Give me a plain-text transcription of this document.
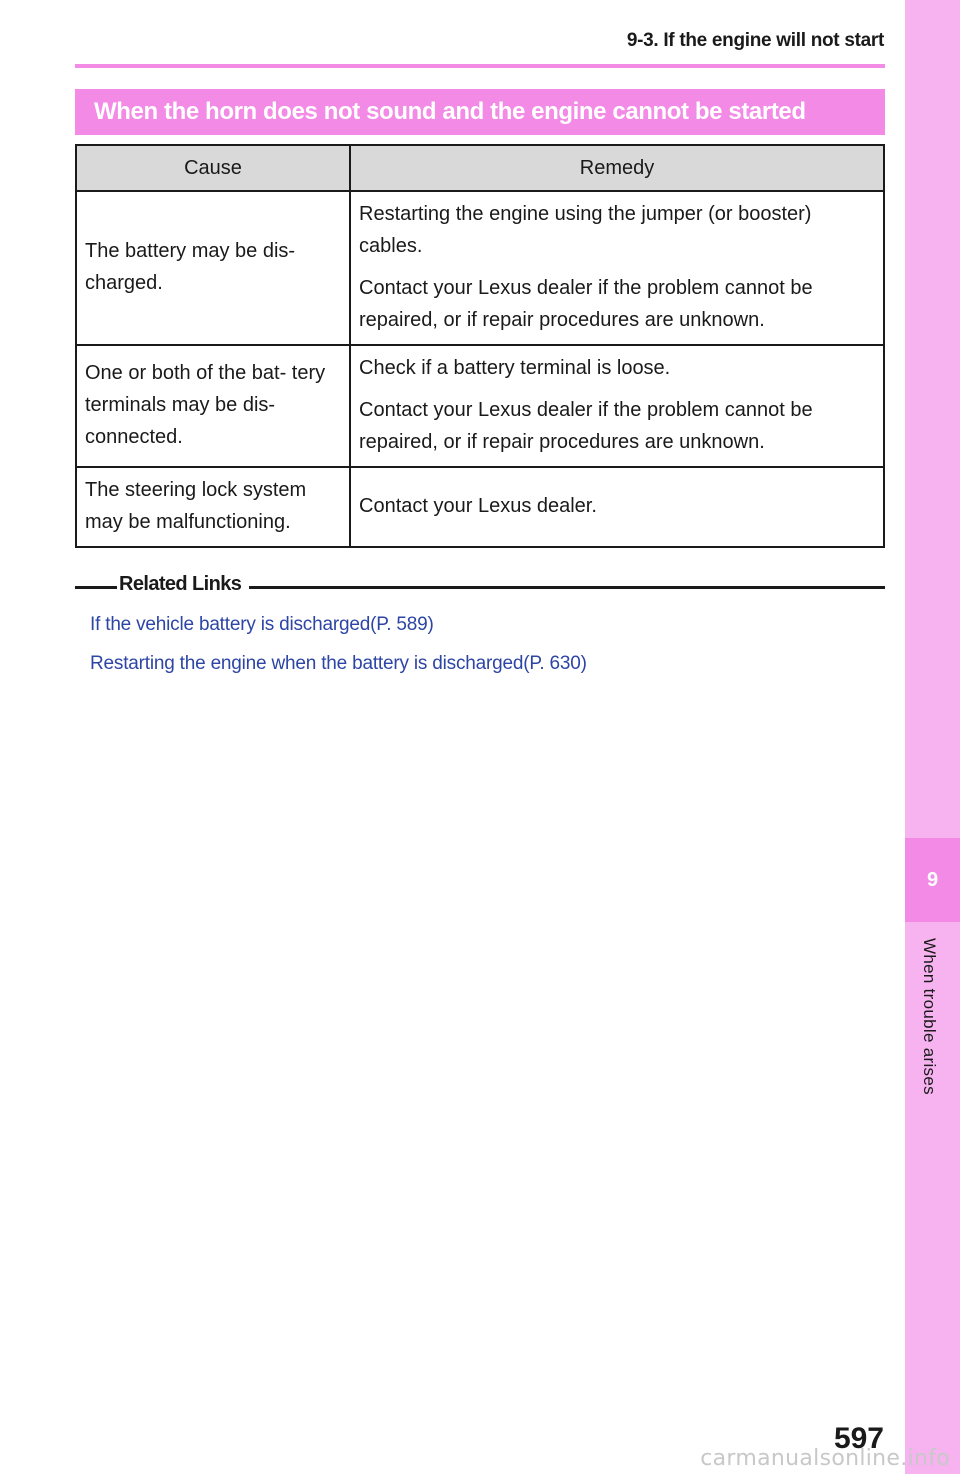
9-3. If the engine will not start
When the horn does not sound and the engine cannot be started
Cause	Remedy

The battery may be dis- charged.	Restarting the engine using the jumper (or booster) cables.

Contact your Lexus dealer if the problem cannot be repaired, or if repair procedures are unknown.

One or both of the bat- tery terminals may be dis- connected.	Check if a battery terminal is loose.

Contact your Lexus dealer if the problem cannot be repaired, or if repair procedures are unknown.

The steering lock system may be malfunctioning.	Contact your Lexus dealer.

Related Links
If the vehicle battery is discharged(P. 589)
Restarting the engine when the battery is discharged(P. 630)
9
When trouble arises
597
carmanualsonline.info
